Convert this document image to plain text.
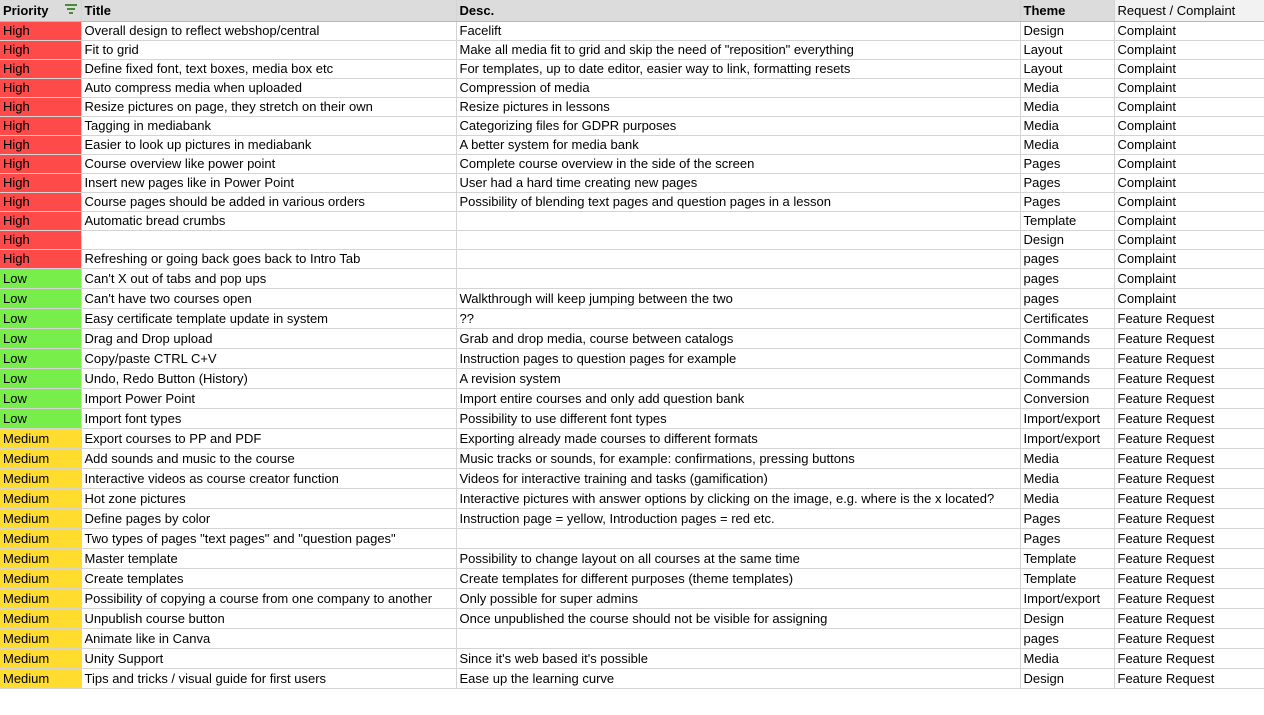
Priority	Title	Desc.	Theme	Request / Complaint
High	Overall design to reflect webshop/central	Facelift	Design	Complaint
High	Fit to grid	Make all media fit to grid and skip the need of "reposition" everything	Layout	Complaint
High	Define fixed font, text boxes, media box etc	For templates, up to date editor, easier way to link, formatting resets	Layout	Complaint
High	Auto compress media when uploaded	Compression of media	Media	Complaint
High	Resize pictures on page, they stretch on their own	Resize pictures in lessons	Media	Complaint
High	Tagging in mediabank	Categorizing files for GDPR purposes	Media	Complaint
High	Easier to look up pictures in mediabank	A better system for media bank	Media	Complaint
High	Course overview like power point	Complete course overview in the side of the screen	Pages	Complaint
High	Insert new pages like in Power Point	User had a hard time creating new pages	Pages	Complaint
High	Course pages should be added in various orders	Possibility of blending text pages and question pages in a lesson	Pages	Complaint
High	Automatic bread crumbs		Template	Complaint
High			Design	Complaint
High	Refreshing or going back goes back to Intro Tab		pages	Complaint
Low	Can't X out of tabs and pop ups		pages	Complaint
Low	Can't have two courses open	Walkthrough will keep jumping between the two	pages	Complaint
Low	Easy certificate template update in system	??	Certificates	Feature Request
Low	Drag and Drop upload	Grab and drop media, course between catalogs	Commands	Feature Request
Low	Copy/paste CTRL C+V	Instruction pages to question pages for example	Commands	Feature Request
Low	Undo, Redo Button (History)	A revision system	Commands	Feature Request
Low	Import Power Point	Import entire courses and only add question bank	Conversion	Feature Request
Low	Import font types	Possibility to use different font types	Import/export	Feature Request
Medium	Export courses to PP and PDF	Exporting already made courses to different formats	Import/export	Feature Request
Medium	Add sounds and music to the course	Music tracks or sounds, for example: confirmations, pressing buttons	Media	Feature Request
Medium	Interactive videos as course creator function	Videos for interactive training and tasks (gamification)	Media	Feature Request
Medium	Hot zone pictures	Interactive pictures with answer options by clicking on the image, e.g. where is the x located?	Media	Feature Request
Medium	Define pages by color	Instruction page = yellow, Introduction pages = red etc.	Pages	Feature Request
Medium	Two types of pages "text pages" and "question pages"		Pages	Feature Request
Medium	Master template	Possibility to change layout on all courses at the same time	Template	Feature Request
Medium	Create templates	Create templates for different purposes (theme templates)	Template	Feature Request
Medium	Possibility of copying a course from one company to another	Only possible for super admins	Import/export	Feature Request
Medium	Unpublish course button	Once unpublished the course should not be visible for assigning	Design	Feature Request
Medium	Animate like in Canva		pages	Feature Request
Medium	Unity Support	Since it's web based it's possible	Media	Feature Request
Medium	Tips and tricks / visual guide for first users	Ease up the learning curve	Design	Feature Request
